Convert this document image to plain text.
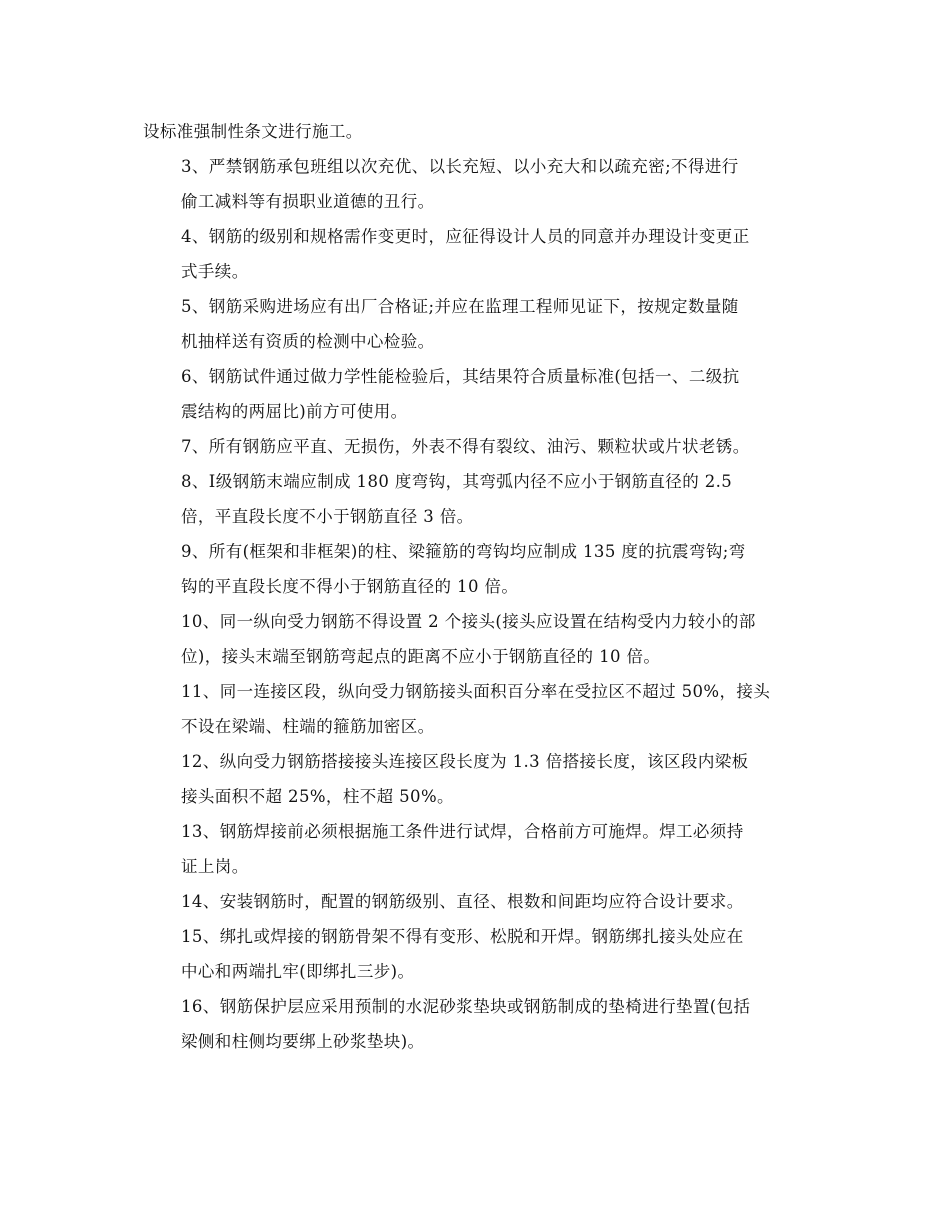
设标准强制性条文进行施工。

3、严禁钢筋承包班组以次充优、以长充短、以小充大和以疏充密;不得进行
偷工减料等有损职业道德的丑行。

4、钢筋的级别和规格需作变更时，应征得设计人员的同意并办理设计变更正
式手续。

5、钢筋采购进场应有出厂合格证;并应在监理工程师见证下，按规定数量随
机抽样送有资质的检测中心检验。

6、钢筋试件通过做力学性能检验后，其结果符合质量标准(包括一、二级抗
震结构的两屈比)前方可使用。

7、所有钢筋应平直、无损伤，外表不得有裂纹、油污、颗粒状或片状老锈。

8、Ⅰ级钢筋末端应制成 180 度弯钩，其弯弧内径不应小于钢筋直径的 2.5
倍，平直段长度不小于钢筋直径 3 倍。

9、所有(框架和非框架)的柱、梁箍筋的弯钩均应制成 135 度的抗震弯钩;弯
钩的平直段长度不得小于钢筋直径的 10 倍。

10、同一纵向受力钢筋不得设置 2 个接头(接头应设置在结构受内力较小的部
位)，接头末端至钢筋弯起点的距离不应小于钢筋直径的 10 倍。

11、同一连接区段，纵向受力钢筋接头面积百分率在受拉区不超过 50%，接头
不设在梁端、柱端的箍筋加密区。

12、纵向受力钢筋搭接接头连接区段长度为 1.3 倍搭接长度，该区段内梁板
接头面积不超 25%，柱不超 50%。

13、钢筋焊接前必须根据施工条件进行试焊，合格前方可施焊。焊工必须持
证上岗。

14、安装钢筋时，配置的钢筋级别、直径、根数和间距均应符合设计要求。

15、绑扎或焊接的钢筋骨架不得有变形、松脱和开焊。钢筋绑扎接头处应在
中心和两端扎牢(即绑扎三步)。

16、钢筋保护层应采用预制的水泥砂浆垫块或钢筋制成的垫椅进行垫置(包括
梁侧和柱侧均要绑上砂浆垫块)。
